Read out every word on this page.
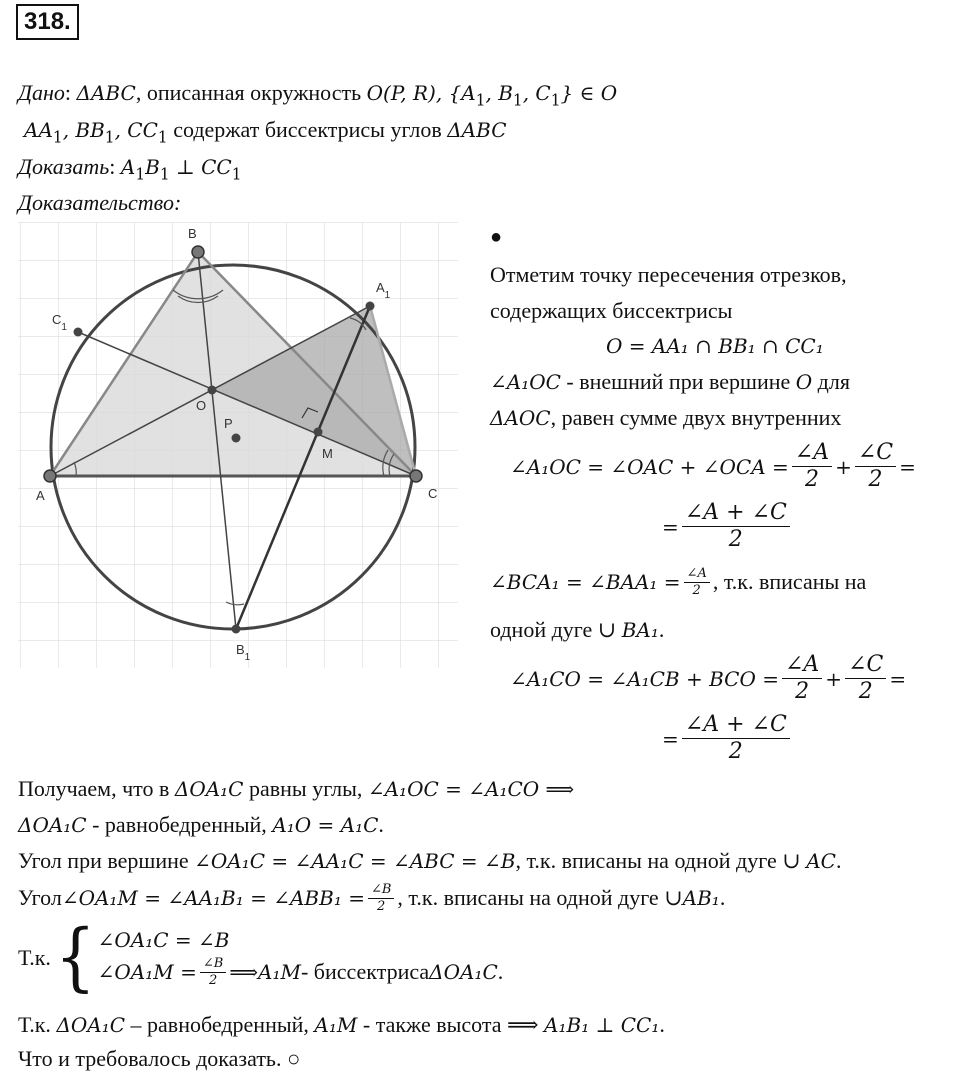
318.
Дано: ΔABC, описанная окружность O(P, R), {$A_1$, $B_1$, $C_1$} ∈ O
$AA_1$, $BB_1$, $CC_1$ содержат биссектрисы углов ΔABC
Доказать: $A_1B_1$ ⊥ $CC_1$
Доказательство:
A
B
C
O
P
M
$A_1$
$B_1$
$C_1$
●
Отметим точку пересечения отрезков,
содержащих биссектрисы
O = AA₁ ∩ BB₁ ∩ CC₁
∠A₁OC - внешний при вершине O для
ΔAOC, равен сумме двух внутренних
∠A₁OC = ∠OAC + ∠OCA = $\frac{\angle A}{2} + \frac{\angle C}{2}$ =
= $\frac{\angle A + \angle C}{2}$
∠BCA₁ = ∠BAA₁ = $\frac{\angle A}{2}$ , т.к. вписаны на
одной дуге ∪ BA₁.
∠A₁CO = ∠A₁CB + BCO = $\frac{\angle A}{2} + \frac{\angle C}{2}$ =
= $\frac{\angle A + \angle C}{2}$
Получаем, что в ΔOA₁C равны углы, ∠A₁OC = ∠A₁CO ⟹
ΔOA₁C - равнобедренный, A₁O = A₁C.
Угол при вершине ∠OA₁C = ∠AA₁C = ∠ABC = ∠B, т.к. вписаны на одной дуге ∪ AC.
Угол ∠OA₁M = ∠AA₁B₁ = ∠ABB₁ = $\frac{\angle B}{2}$ , т.к. вписаны на одной дуге ∪ AB₁ .
Т.к. { ∠OA₁C = ∠B
∠OA₁M = $\frac{\angle B}{2}$ ⟹ A₁M - биссектриса ΔOA₁C .
Т.к. ΔOA₁C – равнобедренный, A₁M - также высота ⟹ A₁B₁ ⊥ CC₁.
Что и требовалось доказать. ○
